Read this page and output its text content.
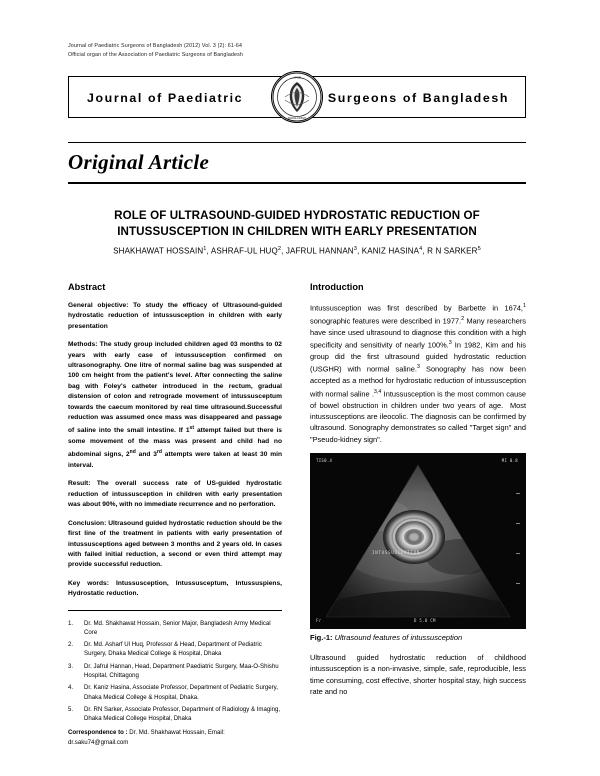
Journal of Paediatric Surgeons of Bangladesh (2012) Vol. 3 (2): 61-64
Official organ of the Association of Paediatric Surgeons of Bangladesh
Journal of Paediatric	Surgeons of Bangladesh
APSB
BANGLADESH
Original Article
ROLE OF ULTRASOUND-GUIDED HYDROSTATIC REDUCTION OF
INTUSSUSCEPTION IN CHILDREN WITH EARLY PRESENTATION
SHAKHAWAT HOSSAIN$^1$, ASHRAF-UL HUQ$^2$, JAFRUL HANNAN$^3$, KANIZ HASINA$^4$, R N SARKER$^5$
Abstract

General objective: To study the efficacy of Ultrasound-guided hydrostatic reduction of intussusception in children with early presentation

Methods: The study group included children aged 03 months to 02 years with early case of intussusception confirmed on ultrasonography. One litre of normal saline bag was suspended at 100 cm height from the patient's level. After connecting the saline bag with Foley's catheter introduced in the rectum, gradual distension of colon and retrograde movement of intussusceptum towards the caecum monitored by real time ultrasound.Successful reduction was assumed once mass was disappeared and passage of saline into the small intestine. If 1st attempt failed but there is some movement of the mass was present and child had no abdominal signs, 2nd and 3rd attempts were taken at least 30 min interval.

Result: The overall success rate of US-guided hydrostatic reduction of intussusception in children with early presentation was about 90%, with no immediate recurrence and no perforation.

Conclusion: Ultrasound guided hydrostatic reduction should be the first line of the treatment in patients with early presentation of intussusceptions aged between 3 months and 2 years old. In cases with failed initial reduction, a second or even third attempt may provide successful reduction.

Key words: Intussusception, Intussusceptum, Intussuspiens, Hydrostatic reduction.

1. Dr. Md. Shakhawat Hossain, Senior Major, Bangladesh Army Medical Core
2. Dr. Md. Asharf Ul Huq, Professor & Head, Department of Pediatric Surgery, Dhaka Medical College & Hospital, Dhaka
3. Dr. Jafrul Hannan, Head, Department Paediatric Surgery, Maa-O-Shishu Hospital, Chittagong
4. Dr. Kaniz Hasina, Associate Professor, Department of Pediatric Surgery, Dhaka Medical College & Hospital, Dhaka.
5. Dr. RN Sarker, Associate Professor, Department of Radiology & Imaging, Dhaka Medical College Hospital, Dhaka
Correspondence to : Dr. Md. Shakhawat Hossain, Email: dr.saku74@gmail.com
Introduction

Intussusception was first described by Barbette in 1674,$^1$ sonographic features were described in 1977.$^2$ Many researchers have since used ultrasound to diagnose this condition with a high specificity and sensitivity of nearly 100%.$^3$ In 1982, Kim and his group did the first ultrasound guided hydrostatic reduction (USGHR) with normal saline.$^3$ Sonography has now been accepted as a method for hydrostatic reduction of intussusception with normal saline .$^{3,4}$ Intussusception is the most common cause of bowel obstruction in children under two years of age.  Most intussusceptions are ileocolic. The diagnosis can be confirmed by ultrasound. Sonography demonstrates so called "Target sign" and "Pseudo-kidney sign".

TIS0.4	MI 0.8
INTUSSUSCEPTION
Fr	D 5.0 CM
Fig.-1: Ultrasound features of intussusception

Ultrasound guided hydrostatic reduction of childhood intussusception is a non-invasive, simple, safe, reproducible, less time consuming, cost effective, shorter hospital stay, high success rate and no
